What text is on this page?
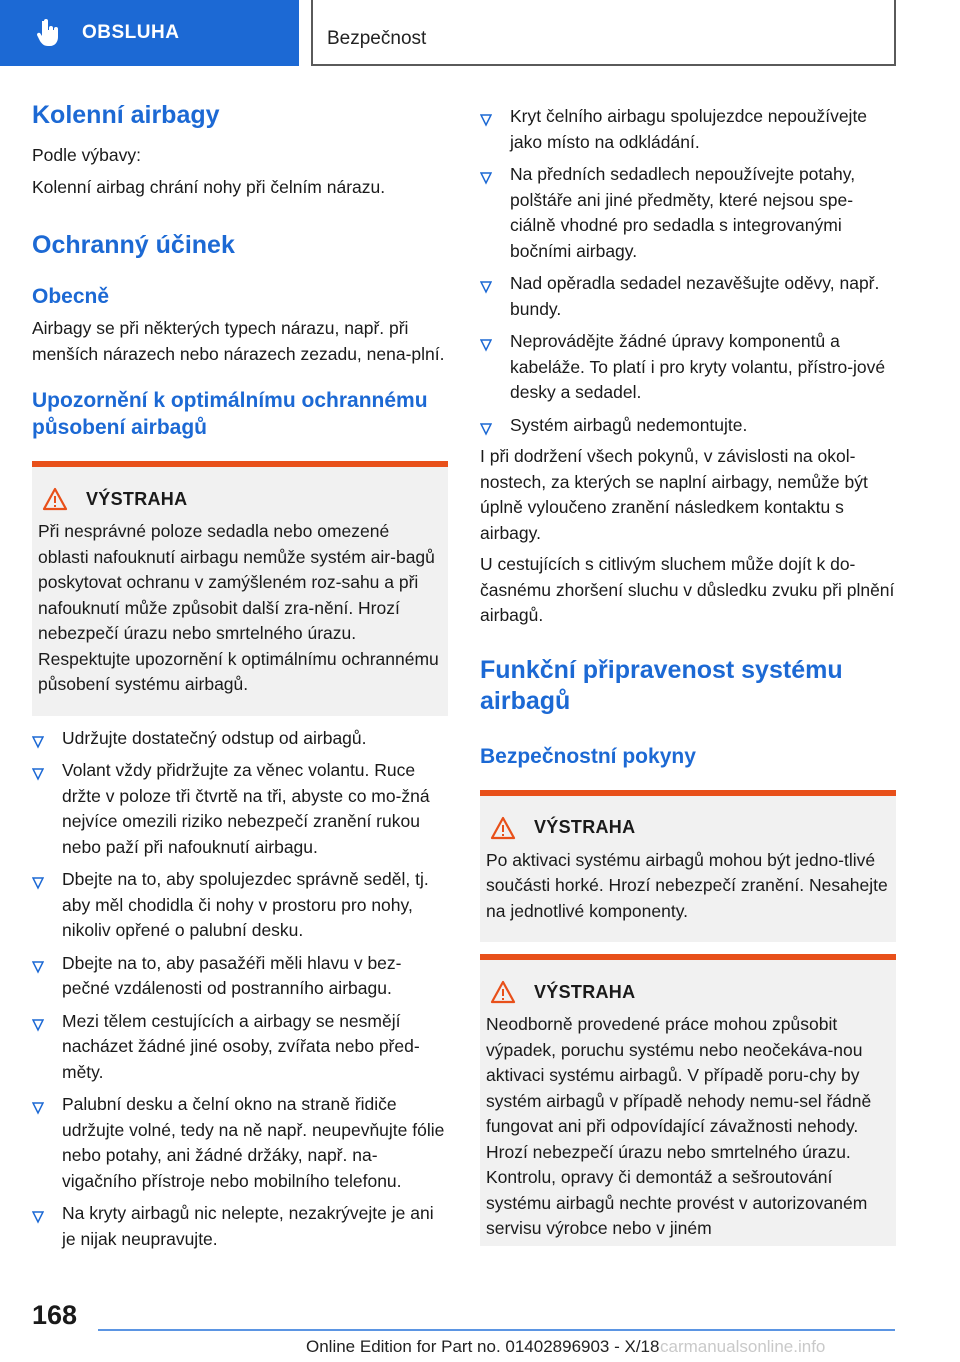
OBSLUHA	Bezpečnost
Kolenní airbagy

Podle výbavy:

Kolenní airbag chrání nohy při čelním nárazu.

Ochranný účinek
Obecně

Airbagy se při některých typech nárazu, např. při menších nárazech nebo nárazech zezadu, nena-plní.

Upozornění k optimálnímu ochrannému působení airbagů
VÝSTRAHA

Při nesprávné poloze sedadla nebo omezené oblasti nafouknutí airbagu nemůže systém air-bagů poskytovat ochranu v zamýšleném roz-sahu a při nafouknutí může způsobit další zra-nění. Hrozí nebezpečí úrazu nebo smrtelného úrazu. Respektujte upozornění k optimálnímu ochrannému působení systému airbagů.

Udržujte dostatečný odstup od airbagů.
Volant vždy přidržujte za věnec volantu. Ruce držte v poloze tři čtvrtě na tři, abyste co mo-žná nejvíce omezili riziko nebezpečí zranění rukou nebo paží při nafouknutí airbagu.
Dbejte na to, aby spolujezdec správně seděl, tj. aby měl chodidla či nohy v prostoru pro nohy, nikoliv opřené o palubní desku.
Dbejte na to, aby pasažéři měli hlavu v bez-pečné vzdálenosti od postranního airbagu.
Mezi tělem cestujících a airbagy se nesmějí nacházet žádné jiné osoby, zvířata nebo před-měty.
Palubní desku a čelní okno na straně řidiče udržujte volné, tedy na ně např. neupevňujte fólie nebo potahy, ani žádné držáky, např. na-vigačního přístroje nebo mobilního telefonu.
Na kryty airbagů nic nelepte, nezakrývejte je ani je nijak neupravujte.
Kryt čelního airbagu spolujezdce nepoužívejte jako místo na odkládání.
Na předních sedadlech nepoužívejte potahy, polštáře ani jiné předměty, které nejsou spe-ciálně vhodné pro sedadla s integrovanými bočními airbagy.
Nad opěradla sedadel nezavěšujte oděvy, např. bundy.
Neprovádějte žádné úpravy komponentů a kabeláže. To platí i pro kryty volantu, přístro-jové desky a sedadel.
Systém airbagů nedemontujte.

I při dodržení všech pokynů, v závislosti na okol-nostech, za kterých se naplní airbagy, nemůže být úplně vyloučeno zranění následkem kontaktu s airbagy.

U cestujících s citlivým sluchem může dojít k do-časnému zhoršení sluchu v důsledku zvuku při plnění airbagů.

Funkční připravenost systému airbagů
Bezpečnostní pokyny
VÝSTRAHA

Po aktivaci systému airbagů mohou být jedno-tlivé součásti horké. Hrozí nebezpečí zranění. Nesahejte na jednotlivé komponenty.

VÝSTRAHA

Neodborně provedené práce mohou způsobit výpadek, poruchu systému nebo neočekáva-nou aktivaci systému airbagů. V případě poru-chy by systém airbagů v případě nehody nemu-sel řádně fungovat ani při odpovídající závažnosti nehody. Hrozí nebezpečí úrazu nebo smrtelného úrazu. Kontrolu, opravy či demontáž a sešroutování systému airbagů nechte provést v autorizovaném servisu výrobce nebo v jiném

168
Online Edition for Part no. 01402896903 - X/18 carmanualsonline.info
